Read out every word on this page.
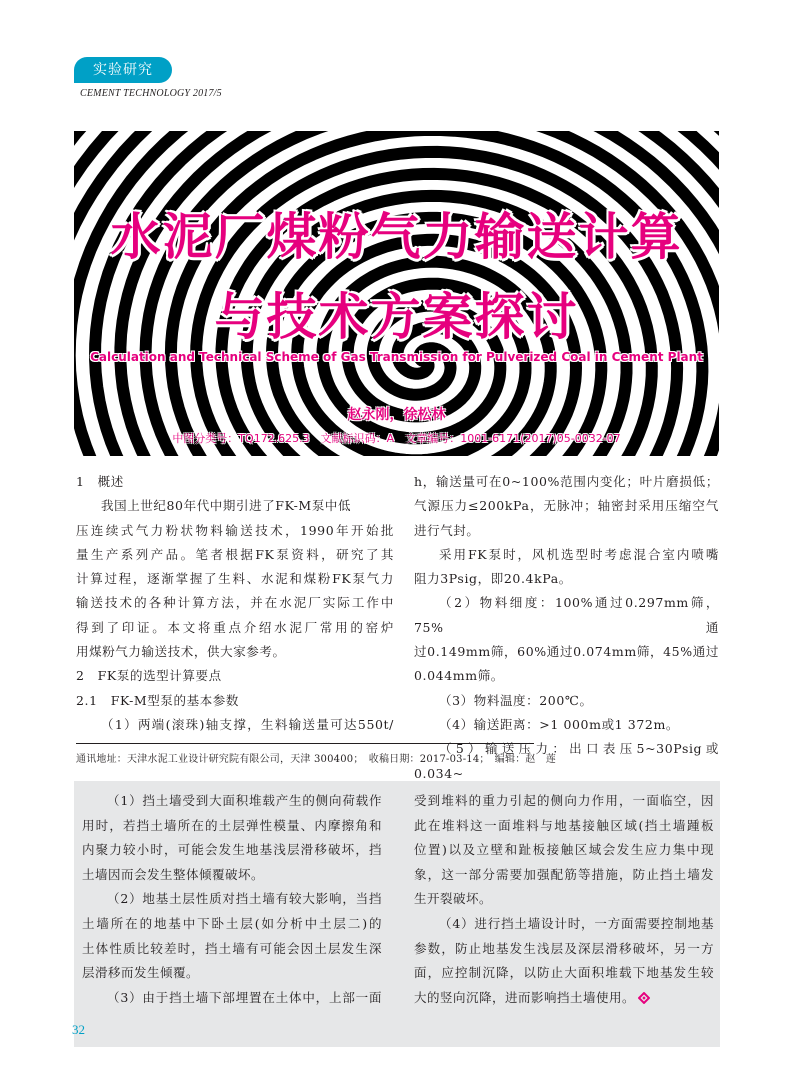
实验研究
CEMENT TECHNOLOGY 2017/5
水泥厂煤粉气力输送计算
与技术方案探讨
Calculation and Technical Scheme of Gas Transmission for Pulverized Coal in Cement Plant
赵永刚，徐松林
中图分类号：TQ172.625.3　文献标识码：A　文章编号：1001-6171(2017)05-0032-07

1　概述

我国上世纪80年代中期引进了FK-M泵中低

压连续式气力粉状物料输送技术，1990年开始批

量生产系列产品。笔者根据FK泵资料，研究了其

计算过程，逐渐掌握了生料、水泥和煤粉FK泵气力

输送技术的各种计算方法，并在水泥厂实际工作中

得到了印证。本文将重点介绍水泥厂常用的窑炉

用煤粉气力输送技术，供大家参考。

2　FK泵的选型计算要点

2.1　FK-M型泵的基本参数

（1）两端(滚珠)轴支撑，生料输送量可达550t/

h，输送量可在0~100%范围内变化；叶片磨损低；

气源压力≤200kPa，无脉冲；轴密封采用压缩空气

进行气封。

采用FK泵时，风机选型时考虑混合室内喷嘴

阻力3Psig，即20.4kPa。

（2）物料细度：100%通过0.297mm筛，75%通

过0.149mm筛，60%通过0.074mm筛，45%通过

0.044mm筛。

（3）物料温度：200℃。

（4）输送距离：>1 000m或1 372m。

（5）输送压力：出口表压5~30Psig或0.034~

通讯地址：天津水泥工业设计研究院有限公司，天津 300400；　收稿日期：2017-03-14；　编辑：赵　莲

（1）挡土墙受到大面积堆载产生的侧向荷载作

用时，若挡土墙所在的土层弹性模量、内摩擦角和

内聚力较小时，可能会发生地基浅层滑移破坏，挡

土墙因而会发生整体倾覆破坏。

（2）地基土层性质对挡土墙有较大影响，当挡

土墙所在的地基中下卧土层(如分析中土层二)的

土体性质比较差时，挡土墙有可能会因土层发生深

层滑移而发生倾覆。

（3）由于挡土墙下部埋置在土体中，上部一面

受到堆料的重力引起的侧向力作用，一面临空，因

此在堆料这一面堆料与地基接触区域(挡土墙踵板

位置)以及立壁和趾板接触区域会发生应力集中现

象，这一部分需要加强配筋等措施，防止挡土墙发

生开裂破坏。

（4）进行挡土墙设计时，一方面需要控制地基

参数，防止地基发生浅层及深层滑移破坏，另一方

面，应控制沉降，以防止大面积堆载下地基发生较

大的竖向沉降，进而影响挡土墙使用。

32
